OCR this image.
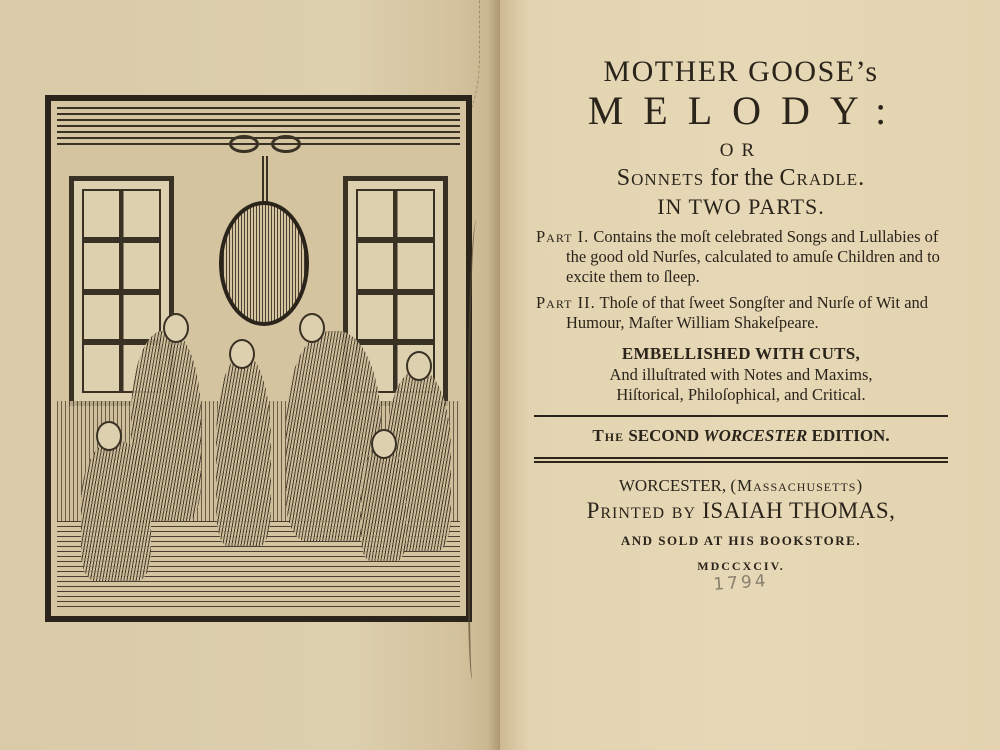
MOTHER GOOSE’s
MELODY:
OR
Sonnets for the Cradle.
IN TWO PARTS.
Part I. Contains the moſt celebrated Songs and Lullabies of the good old Nurſes, calculated to amuſe Children and to excite them to ſleep.
Part II. Thoſe of that ſweet Songſter and Nurſe of Wit and Humour, Maſter William Shakeſpeare.
EMBELLISHED WITH CUTS,
And illuſtrated with Notes and Maxims,
Hiſtorical, Philoſophical, and Critical.
The SECOND WORCESTER EDITION.
WORCESTER, (Massachusetts)
Printed by ISAIAH THOMAS,
AND SOLD AT HIS BOOKSTORE.
MDCCXCIV.
1794
